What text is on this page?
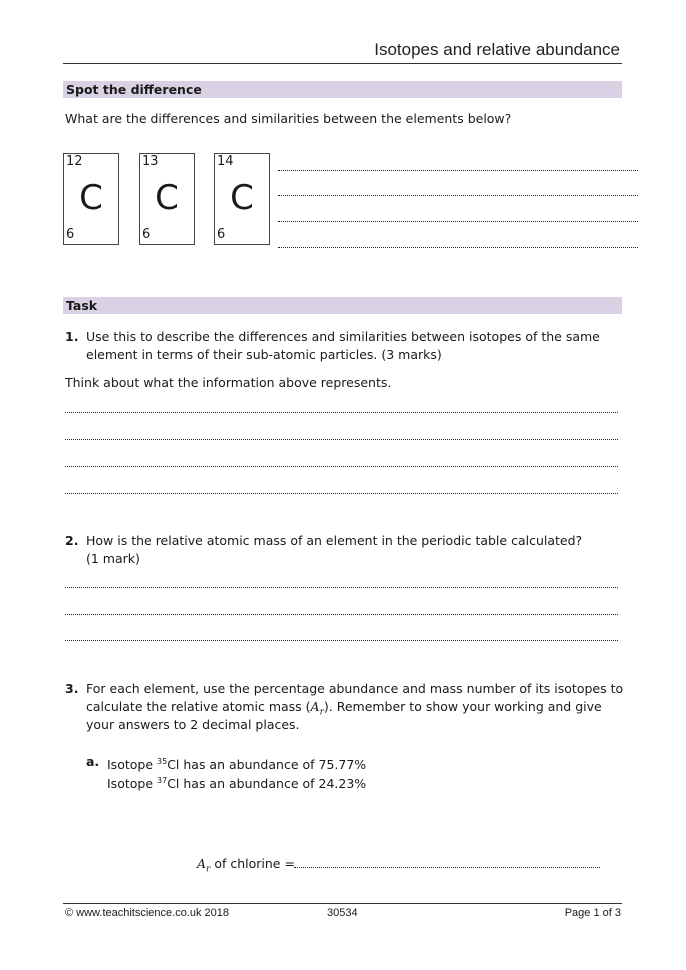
Isotopes and relative abundance
Spot the difference
What are the differences and similarities between the elements below?
12
C
6
13
C
6
14
C
6
Task
1. Use this to describe the differences and similarities between isotopes of the same
element in terms of their sub-atomic particles. (3 marks)
Think about what the information above represents.
2. How is the relative atomic mass of an element in the periodic table calculated?
(1 mark)
3. For each element, use the percentage abundance and mass number of its isotopes to
calculate the relative atomic mass $(A_r)$. Remember to show your working and give
your answers to 2 decimal places.
a. Isotope $^{35}$Cl has an abundance of 75.77%
Isotope $^{37}$Cl has an abundance of 24.23%
$A_r$ of chlorine =
© www.teachitscience.co.uk 2018	30534	Page 1 of 3
